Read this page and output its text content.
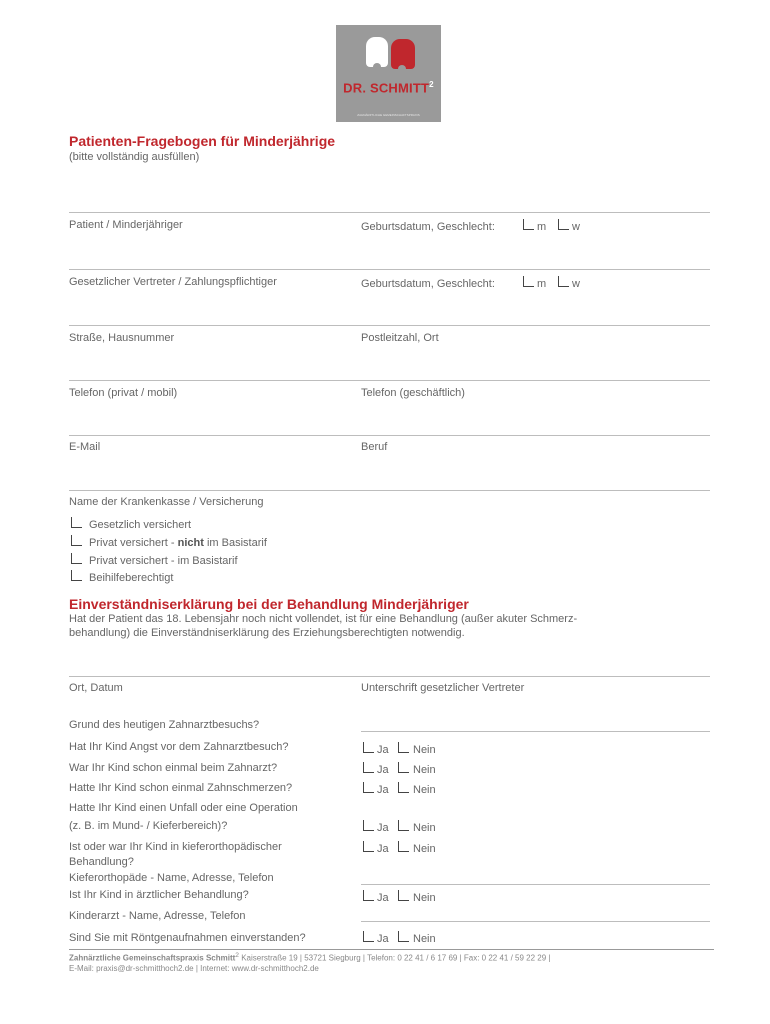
DR. SCHMITT$^2$
ZAHNÄRZTLICHE GEMEINSCHAFTSPRAXIS
Patienten-Fragebogen für Minderjährige
(bitte vollständig ausfüllen)
Patient / Minderjähriger	Geburtsdatum, Geschlecht:	m w
Gesetzlicher Vertreter / Zahlungspflichtiger	Geburtsdatum, Geschlecht:	m w
Straße, Hausnummer	Postleitzahl, Ort
Telefon (privat / mobil)	Telefon (geschäftlich)
E-Mail	Beruf
Name der Krankenkasse / Versicherung
Gesetzlich versichert
Privat versichert - nicht im Basistarif
Privat versichert - im Basistarif
Beihilfeberechtigt
Einverständniserklärung bei der Behandlung Minderjähriger
Hat der Patient das 18. Lebensjahr noch nicht vollendet, ist für eine Behandlung (außer akuter Schmerz-
behandlung) die Einverständniserklärung des Erziehungsberechtigten notwendig.
Ort, Datum	Unterschrift gesetzlicher Vertreter
Grund des heutigen Zahnarztbesuchs?
Hat Ihr Kind Angst vor dem Zahnarztbesuch?	Ja Nein
War Ihr Kind schon einmal beim Zahnarzt?	Ja Nein
Hatte Ihr Kind schon einmal Zahnschmerzen?	Ja Nein
Hatte Ihr Kind einen Unfall oder eine Operation
(z. B. im Mund- / Kieferbereich)?	Ja Nein
Ist oder war Ihr Kind in kieferorthopädischer
Behandlung?
Ja Nein
Kieferorthopäde - Name, Adresse, Telefon
Ist Ihr Kind in ärztlicher Behandlung?	Ja Nein
Kinderarzt - Name, Adresse, Telefon
Sind Sie mit Röntgenaufnahmen einverstanden?	Ja Nein
Zahnärztliche Gemeinschaftspraxis Schmitt$^2$ Kaiserstraße 19 | 53721 Siegburg | Telefon: 0 22 41 / 6 17 69 | Fax: 0 22 41 / 59 22 29 |
E-Mail: praxis@dr-schmitthoch2.de | Internet: www.dr-schmitthoch2.de
